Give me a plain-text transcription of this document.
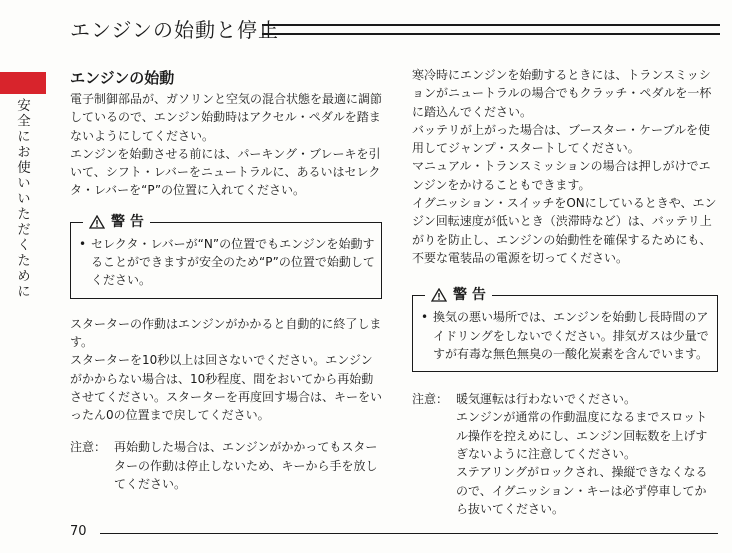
エンジンの始動と停止
安全にお使いいただくために
エンジンの始動

電子制御部品が、ガソリンと空気の混合状態を最適に調節しているので、エンジン始動時はアクセル・ペダルを踏まないようにしてください。

エンジンを始動させる前には、パーキング・ブレーキを引いて、シフト・レバーをニュートラルに、あるいはセレクタ・レバーを“P”の位置に入れてください。

警 告
• セレクタ・レバーが“N”の位置でもエンジンを始動することができますが安全のため“P”の位置で始動してください。

スターターの作動はエンジンがかかると自動的に終了します。

スターターを10秒以上は回さないでください。エンジンがかからない場合は、10秒程度、間をおいてから再始動させてください。スターターを再度回す場合は、キーをいったん0の位置まで戻してください。

注意： 再始動した場合は、エンジンがかかってもスターターの作動は停止しないため、キーから手を放してください。

寒冷時にエンジンを始動するときには、トランスミッションがニュートラルの場合でもクラッチ・ペダルを一杯に踏込んでください。

バッテリが上がった場合は、ブースター・ケーブルを使用してジャンプ・スタートしてください。

マニュアル・トランスミッションの場合は押しがけでエンジンをかけることもできます。

イグニッション・スイッチをONにしているときや、エンジン回転速度が低いとき（渋滞時など）は、バッテリ上がりを防止し、エンジンの始動性を確保するためにも、不要な電装品の電源を切ってください。

警 告
• 換気の悪い場所では、エンジンを始動し長時間のアイドリングをしないでください。排気ガスは少量ですが有毒な無色無臭の一酸化炭素を含んでいます。
注意： 暖気運転は行わないでください。

エンジンが通常の作動温度になるまでスロットル操作を控えめにし、エンジン回転数を上げすぎないように注意してください。

ステアリングがロックされ、操縦できなくなるので、イグニッション・キーは必ず停車してから抜いてください。

70
